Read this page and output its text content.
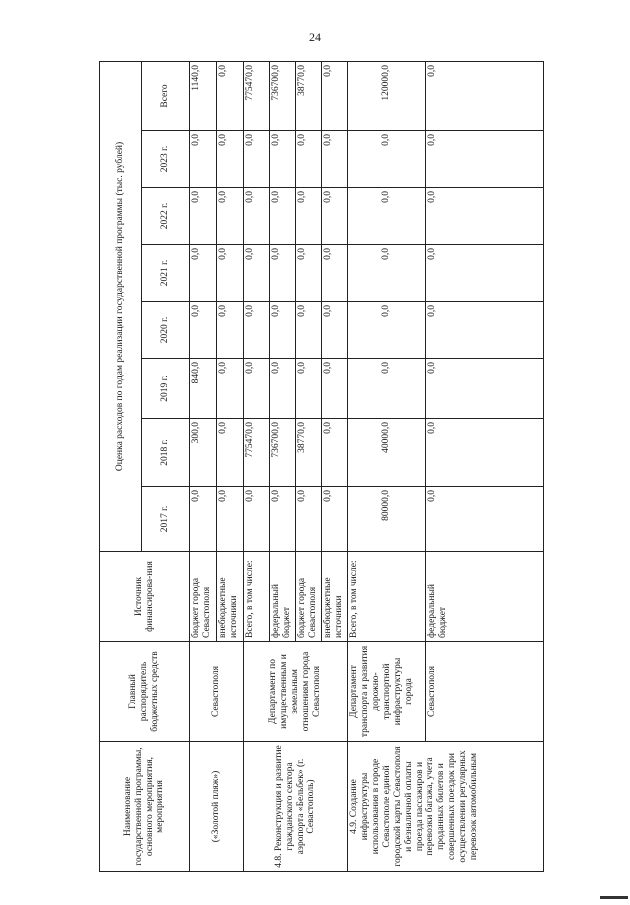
24
Наименование государственной программы, основного мероприятия, мероприятия	Главный распорядитель бюджетных средств	Источник финансирова-ния	Оценка расходов по годам реализации государственной программы (тыс. рублей)							
			2017 г.	2018 г.	2019 г.	2020 г.	2021 г.	2022 г.	2023 г.	Всего
(«Золотой пляж»)	Севастополя	бюджет города Севастополя	0,0	300,0	840,0	0,0	0,0	0,0	0,0	1140,0
		внебюджетные источники	0,0	0,0	0,0	0,0	0,0	0,0	0,0	0,0
4.8. Реконструкция и развитие гражданского сектора аэропорта «Бельбек» (г. Севастополь)	Департамент по имущественным и земельным отношениям города Севастополя	Всего, в том числе:	0,0	775470,0	0,0	0,0	0,0	0,0	0,0	775470,0
		федеральный бюджет	0,0	736700,0	0,0	0,0	0,0	0,0	0,0	736700,0
		бюджет города Севастополя	0,0	38770,0	0,0	0,0	0,0	0,0	0,0	38770,0
		внебюджетные источники	0,0	0,0	0,0	0,0	0,0	0,0	0,0	0,0
4.9. Создание инфраструктуры использования в городе Севастополе единой городской карты Севастополя и безналичной оплаты проезда пассажиров и перевозки багажа, учета проданных билетов и совершенных поездок при осуществлении регулярных перевозок автомобильным	Департамент транспорта и развития дорожно-транспортной инфраструктуры города	Всего, в том числе:	80000,0	40000,0	0,0	0,0	0,0	0,0	0,0	120000,0
	Севастополя	федеральный бюджет	0,0	0,0	0,0	0,0	0,0	0,0	0,0	0,0
